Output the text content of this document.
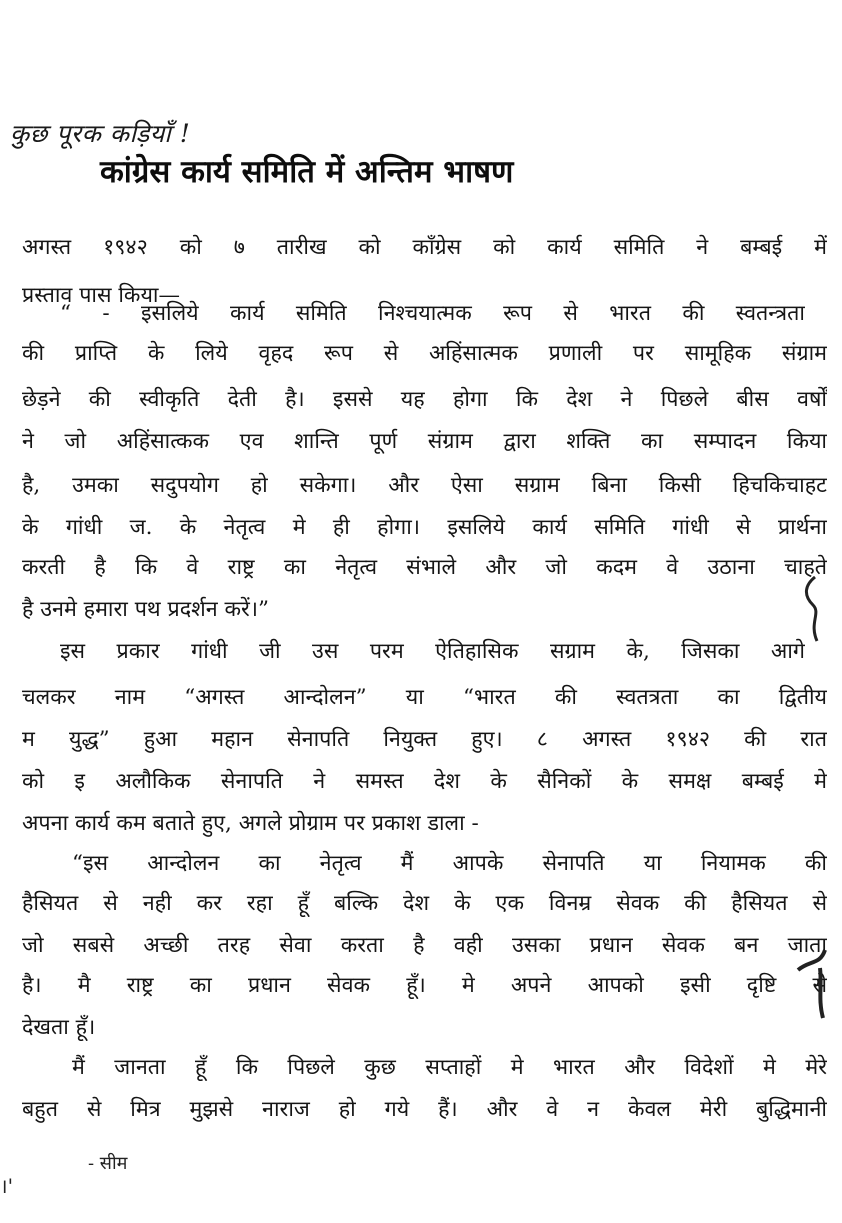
कुछ पूरक कड़ियाँ !
कांग्रेस कार्य समिति में अन्तिम भाषण
अगस्त १९४२ को ७ तारीख को कॉंग्रेस को कार्य समिति ने बम्बई में
प्रस्ताव पास किया—
“ - इसलिये कार्य समिति निश्चयात्मक रूप से भारत की स्वतन्त्रता
की प्राप्ति के लिये वृहद रूप से अहिंसात्मक प्रणाली पर सामूहिक संग्राम
छेड़ने की स्वीकृति देती है। इससे यह होगा कि देश ने पिछले बीस वर्षों
ने जो अहिंसात्कक एव शान्ति पूर्ण संग्राम द्वारा शक्ति का सम्पादन किया
है, उमका सदुपयोग हो सकेगा। और ऐसा सग्राम बिना किसी हिचकिचाहट
के गांधी ज. के नेतृत्व मे ही होगा। इसलिये कार्य समिति गांधी से प्रार्थना
करती है कि वे राष्ट्र का नेतृत्व संभाले और जो कदम वे उठाना चाहते
है उनमे हमारा पथ प्रदर्शन करें।”
इस प्रकार गांधी जी उस परम ऐतिहासिक सग्राम के, जिसका आगे
चलकर नाम “अगस्त आन्दोलन” या “भारत की स्वतत्रता का द्वितीय
म युद्ध” हुआ महान सेनापति नियुक्त हुए। ८ अगस्त १९४२ की रात
को इ अलौकिक सेनापति ने समस्त देश के सैनिकों के समक्ष बम्बई मे
अपना कार्य कम बताते हुए, अगले प्रोग्राम पर प्रकाश डाला -
“इस आन्दोलन का नेतृत्व मैं आपके सेनापति या नियामक की
हैसियत से नही कर रहा हूँ बल्कि देश के एक विनम्र सेवक की हैसियत से
जो सबसे अच्छी तरह सेवा करता है वही उसका प्रधान सेवक बन जाता
है। मै राष्ट्र का प्रधान सेवक हूँ। मे अपने आपको इसी दृष्टि से
देखता हूँ।
मैं जानता हूँ कि पिछले कुछ सप्ताहों मे भारत और विदेशों मे मेरे
बहुत से मित्र मुझसे नाराज हो गये हैं। और वे न केवल मेरी बुद्धिमानी
- सीम
।'
